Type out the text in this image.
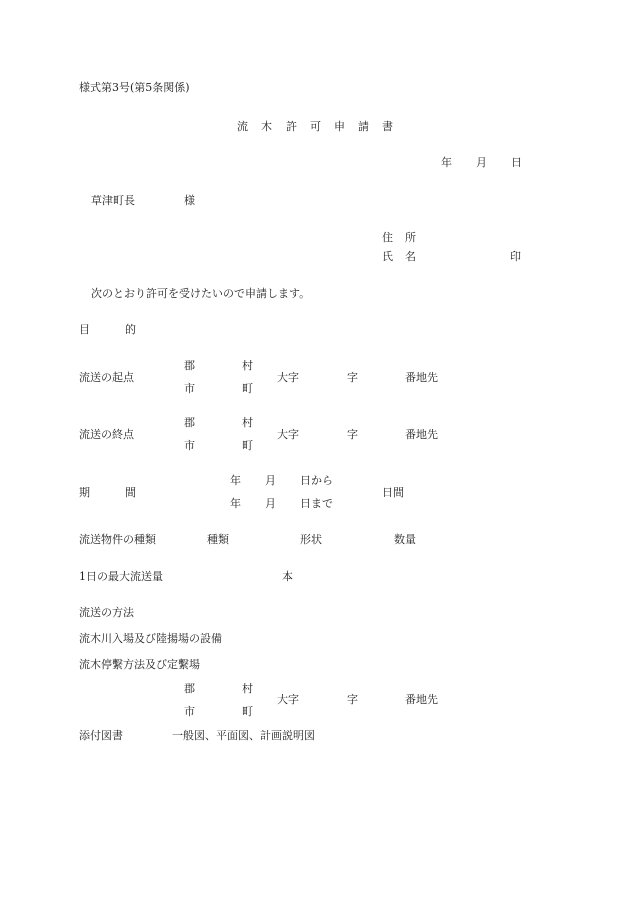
様式第3号(第5条関係)
流 木 許 可 申 請 書
年 月 日
草津町長	様
住 所
氏 名	印
次のとおり許可を受けたいので申請します。
目	的
流送の起点
郡	村
市	町
大字	字	番地先
流送の終点
郡	村
市	町
大字	字	番地先
期	間
年 月 日から
年 月 日まで
日間
流送物件の種類	種類	形状	数量
1日の最大流送量	本
流送の方法
流木川入場及び陸揚場の設備
流木停繫方法及び定繫場
郡	村
市	町
大字	字	番地先
添付図書	一般図、平面図、計画説明図
